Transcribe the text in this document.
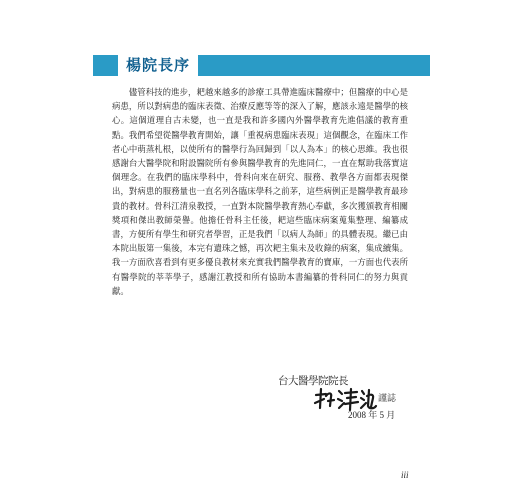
楊院長序

儘管科技的進步，耙越來越多的診療工具帶進臨床醫療中；但醫療的中心是病患，所以對病患的臨床表徵、治療反應等等的深入了解，應該永遠是醫學的核心。這個道理自古未變，也一直是我和許多國內外醫學教育先進倡議的教育重點。我們希望從醫學教育開始，讓「重視病患臨床表現」這個觀念，在臨床工作者心中萌蒸札根，以使所有的醫學行為回歸到「以人為本」的核心思維。我也很感謝台大醫學院和附設醫院所有參與醫學教育的先進同仁，一直在幫助我落實這個理念。在我們的臨床學科中，骨科向來在研究、服務、教學各方面都表現傑出，對病患的服務量也一直名列各臨床學科之前茅，這些病例正是醫學教育最珍貴的教材。骨科江清泉教授，一直對本院醫學教育熱心奉獻，多次獲頒教育相關獎項和傑出教師榮譽。他擔任骨科主任後，耙這些臨床病案蒐集整理、編纂成書，方便所有學生和研究者學習，正是我們「以病人為師」的具體表現。繼已由本院出版第一集後，本完有遺珠之憾，再次耙主集未及收錄的病案，集成續集。我一方面欣喜看到有更多優良教材來充實我們醫學教育的寶庫，一方面也代表所有醫學院的莘莘學子，感謝江教授和所有協助本書編纂的骨科同仁的努力與貢獻。

台大醫學院院長
謹誌
2008 年 5 月
iii
